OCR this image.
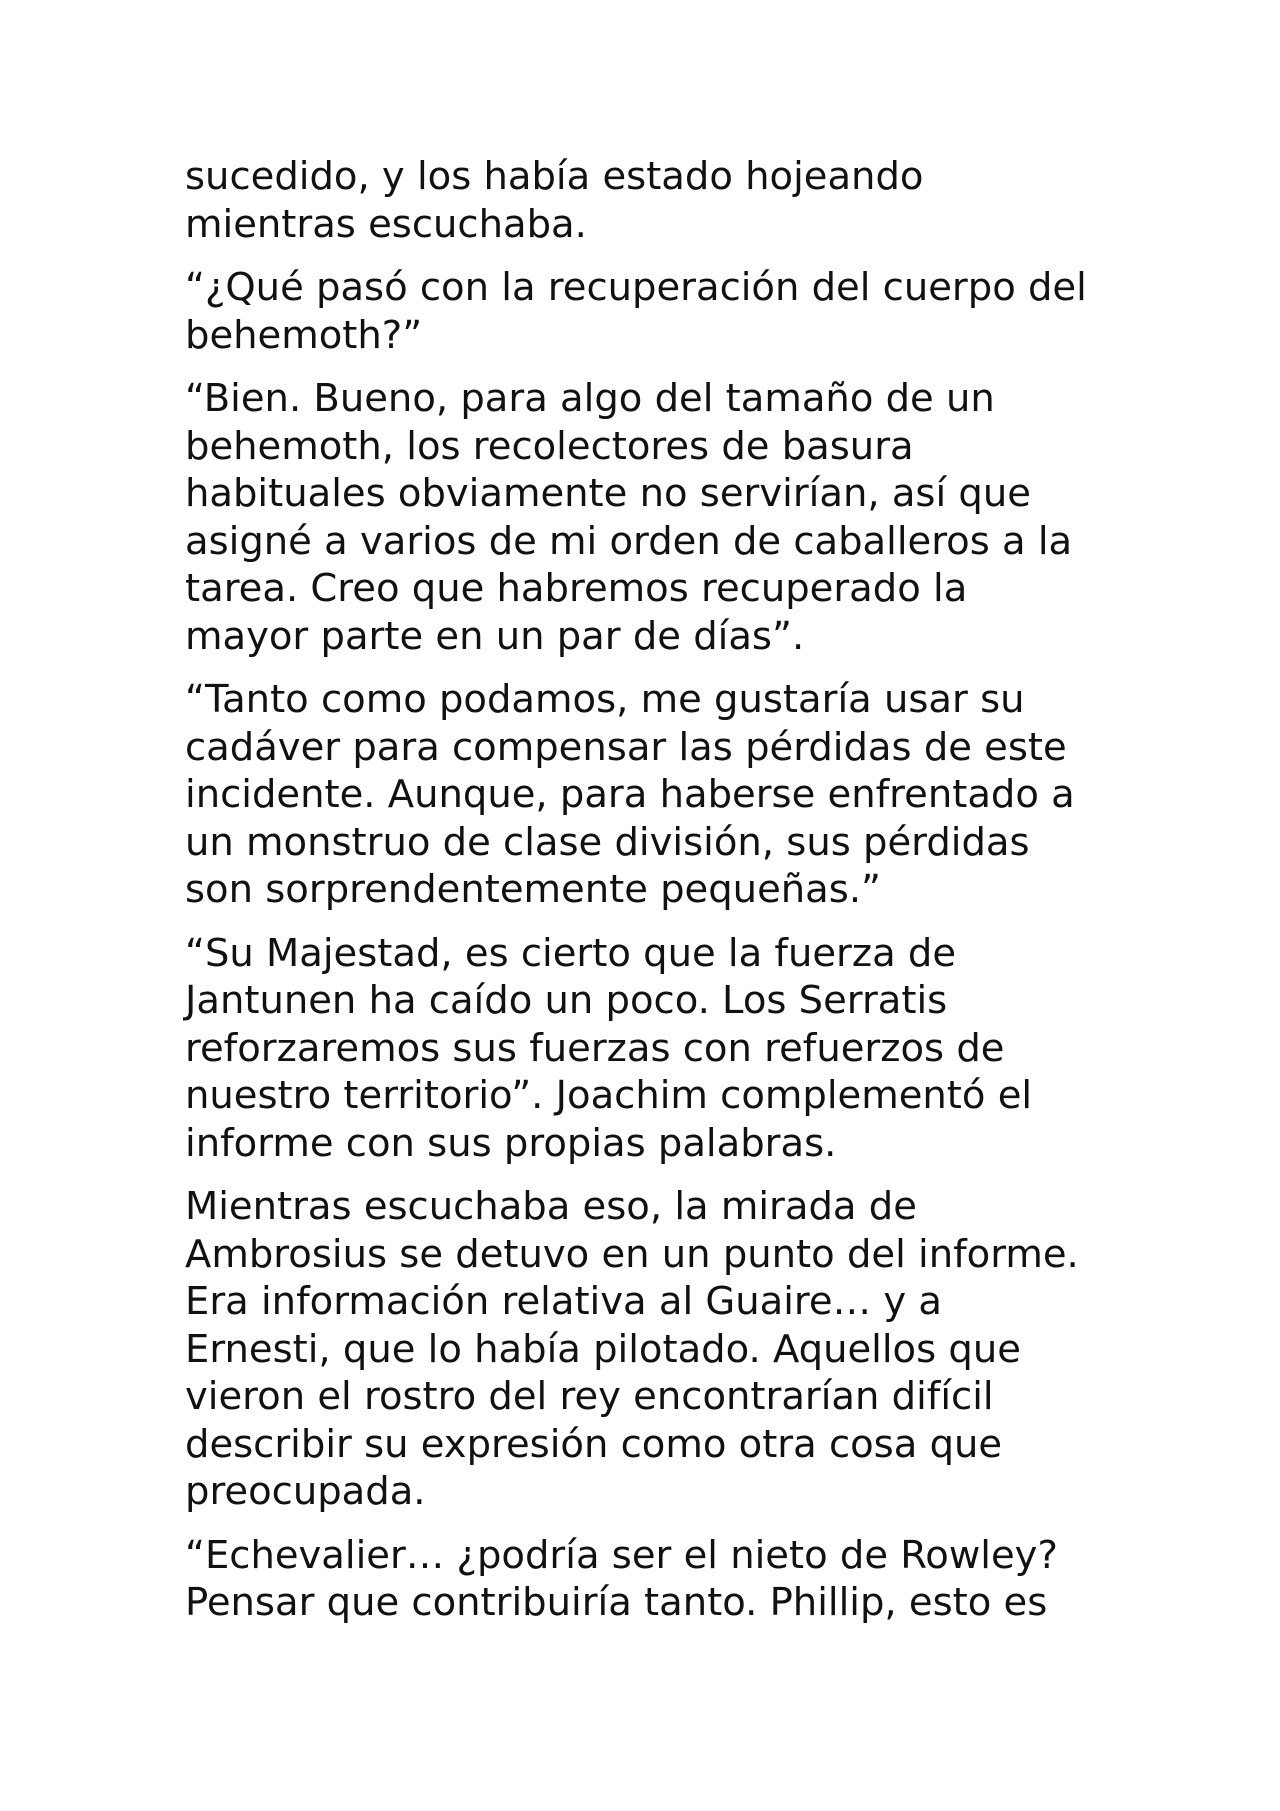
sucedido, y los había estado hojeando
mientras escuchaba.

“¿Qué pasó con la recuperación del cuerpo del
behemoth?”

“Bien. Bueno, para algo del tamaño de un
behemoth, los recolectores de basura
habituales obviamente no servirían, así que
asigné a varios de mi orden de caballeros a la
tarea. Creo que habremos recuperado la
mayor parte en un par de días”.

“Tanto como podamos, me gustaría usar su
cadáver para compensar las pérdidas de este
incidente. Aunque, para haberse enfrentado a
un monstruo de clase división, sus pérdidas
son sorprendentemente pequeñas.”

“Su Majestad, es cierto que la fuerza de
Jantunen ha caído un poco. Los Serratis
reforzaremos sus fuerzas con refuerzos de
nuestro territorio”. Joachim complementó el
informe con sus propias palabras.

Mientras escuchaba eso, la mirada de
Ambrosius se detuvo en un punto del informe.
Era información relativa al Guaire… y a
Ernesti, que lo había pilotado. Aquellos que
vieron el rostro del rey encontrarían difícil
describir su expresión como otra cosa que
preocupada.

“Echevalier… ¿podría ser el nieto de Rowley?
Pensar que contribuiría tanto. Phillip, esto es
